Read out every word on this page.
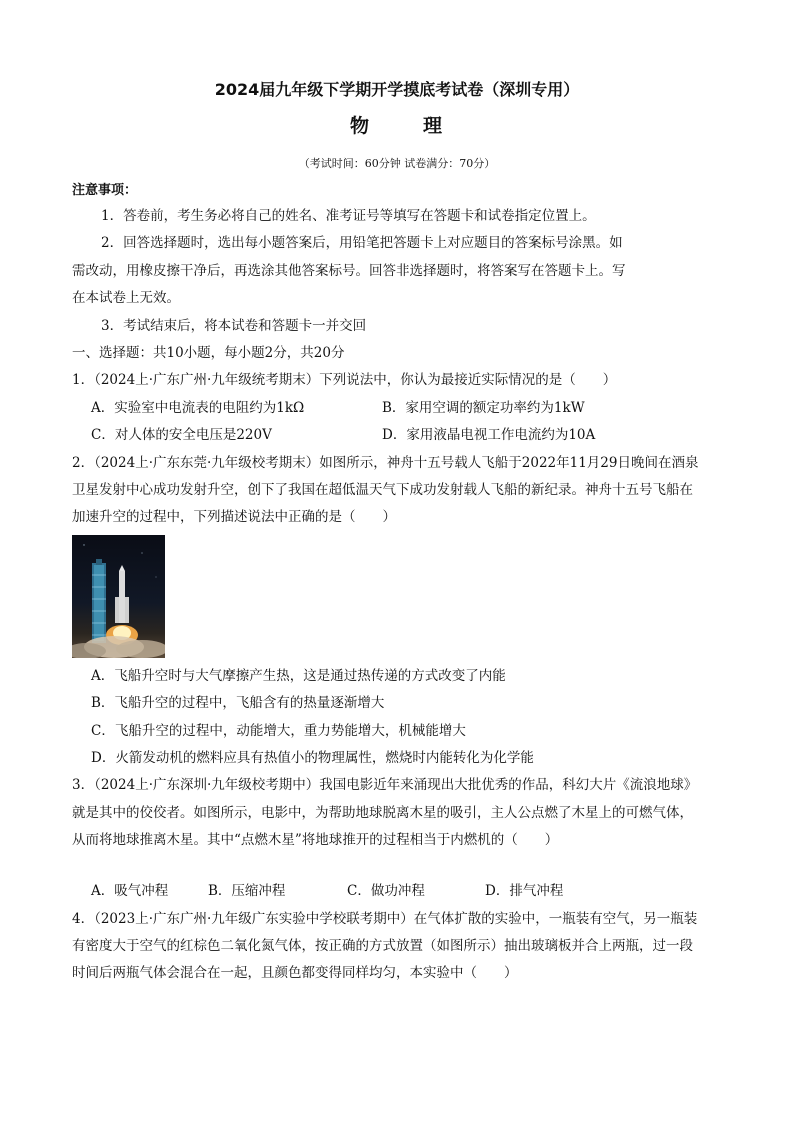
2024届九年级下学期开学摸底考试卷（深圳专用）
物	理
（考试时间：60分钟 试卷满分：70分）
注意事项：
1．答卷前，考生务必将自己的姓名、准考证号等填写在答题卡和试卷指定位置上。
2．回答选择题时，选出每小题答案后，用铅笔把答题卡上对应题目的答案标号涂黑。如
需改动，用橡皮擦干净后，再选涂其他答案标号。回答非选择题时，将答案写在答题卡上。写
在本试卷上无效。
3．考试结束后，将本试卷和答题卡一并交回
一、选择题：共10小题，每小题2分，共20分
1．（2024上·广东广州·九年级统考期末）下列说法中，你认为最接近实际情况的是（　　）
A．实验室中电流表的电阻约为1kΩ	B．家用空调的额定功率约为1kW
C．对人体的安全电压是220V	D．家用液晶电视工作电流约为10A
2．（2024上·广东东莞·九年级校考期末）如图所示，神舟十五号载人飞船于2022年11月29日晚间在酒泉
卫星发射中心成功发射升空，创下了我国在超低温天气下成功发射载人飞船的新纪录。神舟十五号飞船在
加速升空的过程中，下列描述说法中正确的是（　　）
A．飞船升空时与大气摩擦产生热，这是通过热传递的方式改变了内能
B．飞船升空的过程中，飞船含有的热量逐渐增大
C．飞船升空的过程中，动能增大，重力势能增大，机械能增大
D．火箭发动机的燃料应具有热值小的物理属性，燃烧时内能转化为化学能
3．（2024上·广东深圳·九年级校考期中）我国电影近年来涌现出大批优秀的作品，科幻大片《流浪地球》
就是其中的佼佼者。如图所示，电影中，为帮助地球脱离木星的吸引，主人公点燃了木星上的可燃气体，
从而将地球推离木星。其中“点燃木星”将地球推开的过程相当于内燃机的（　　）
A．吸气冲程	B．压缩冲程	C．做功冲程	D．排气冲程
4．（2023上·广东广州·九年级广东实验中学校联考期中）在气体扩散的实验中，一瓶装有空气，另一瓶装
有密度大于空气的红棕色二氧化氮气体，按正确的方式放置（如图所示）抽出玻璃板并合上两瓶，过一段
时间后两瓶气体会混合在一起，且颜色都变得同样均匀，本实验中（　　）
